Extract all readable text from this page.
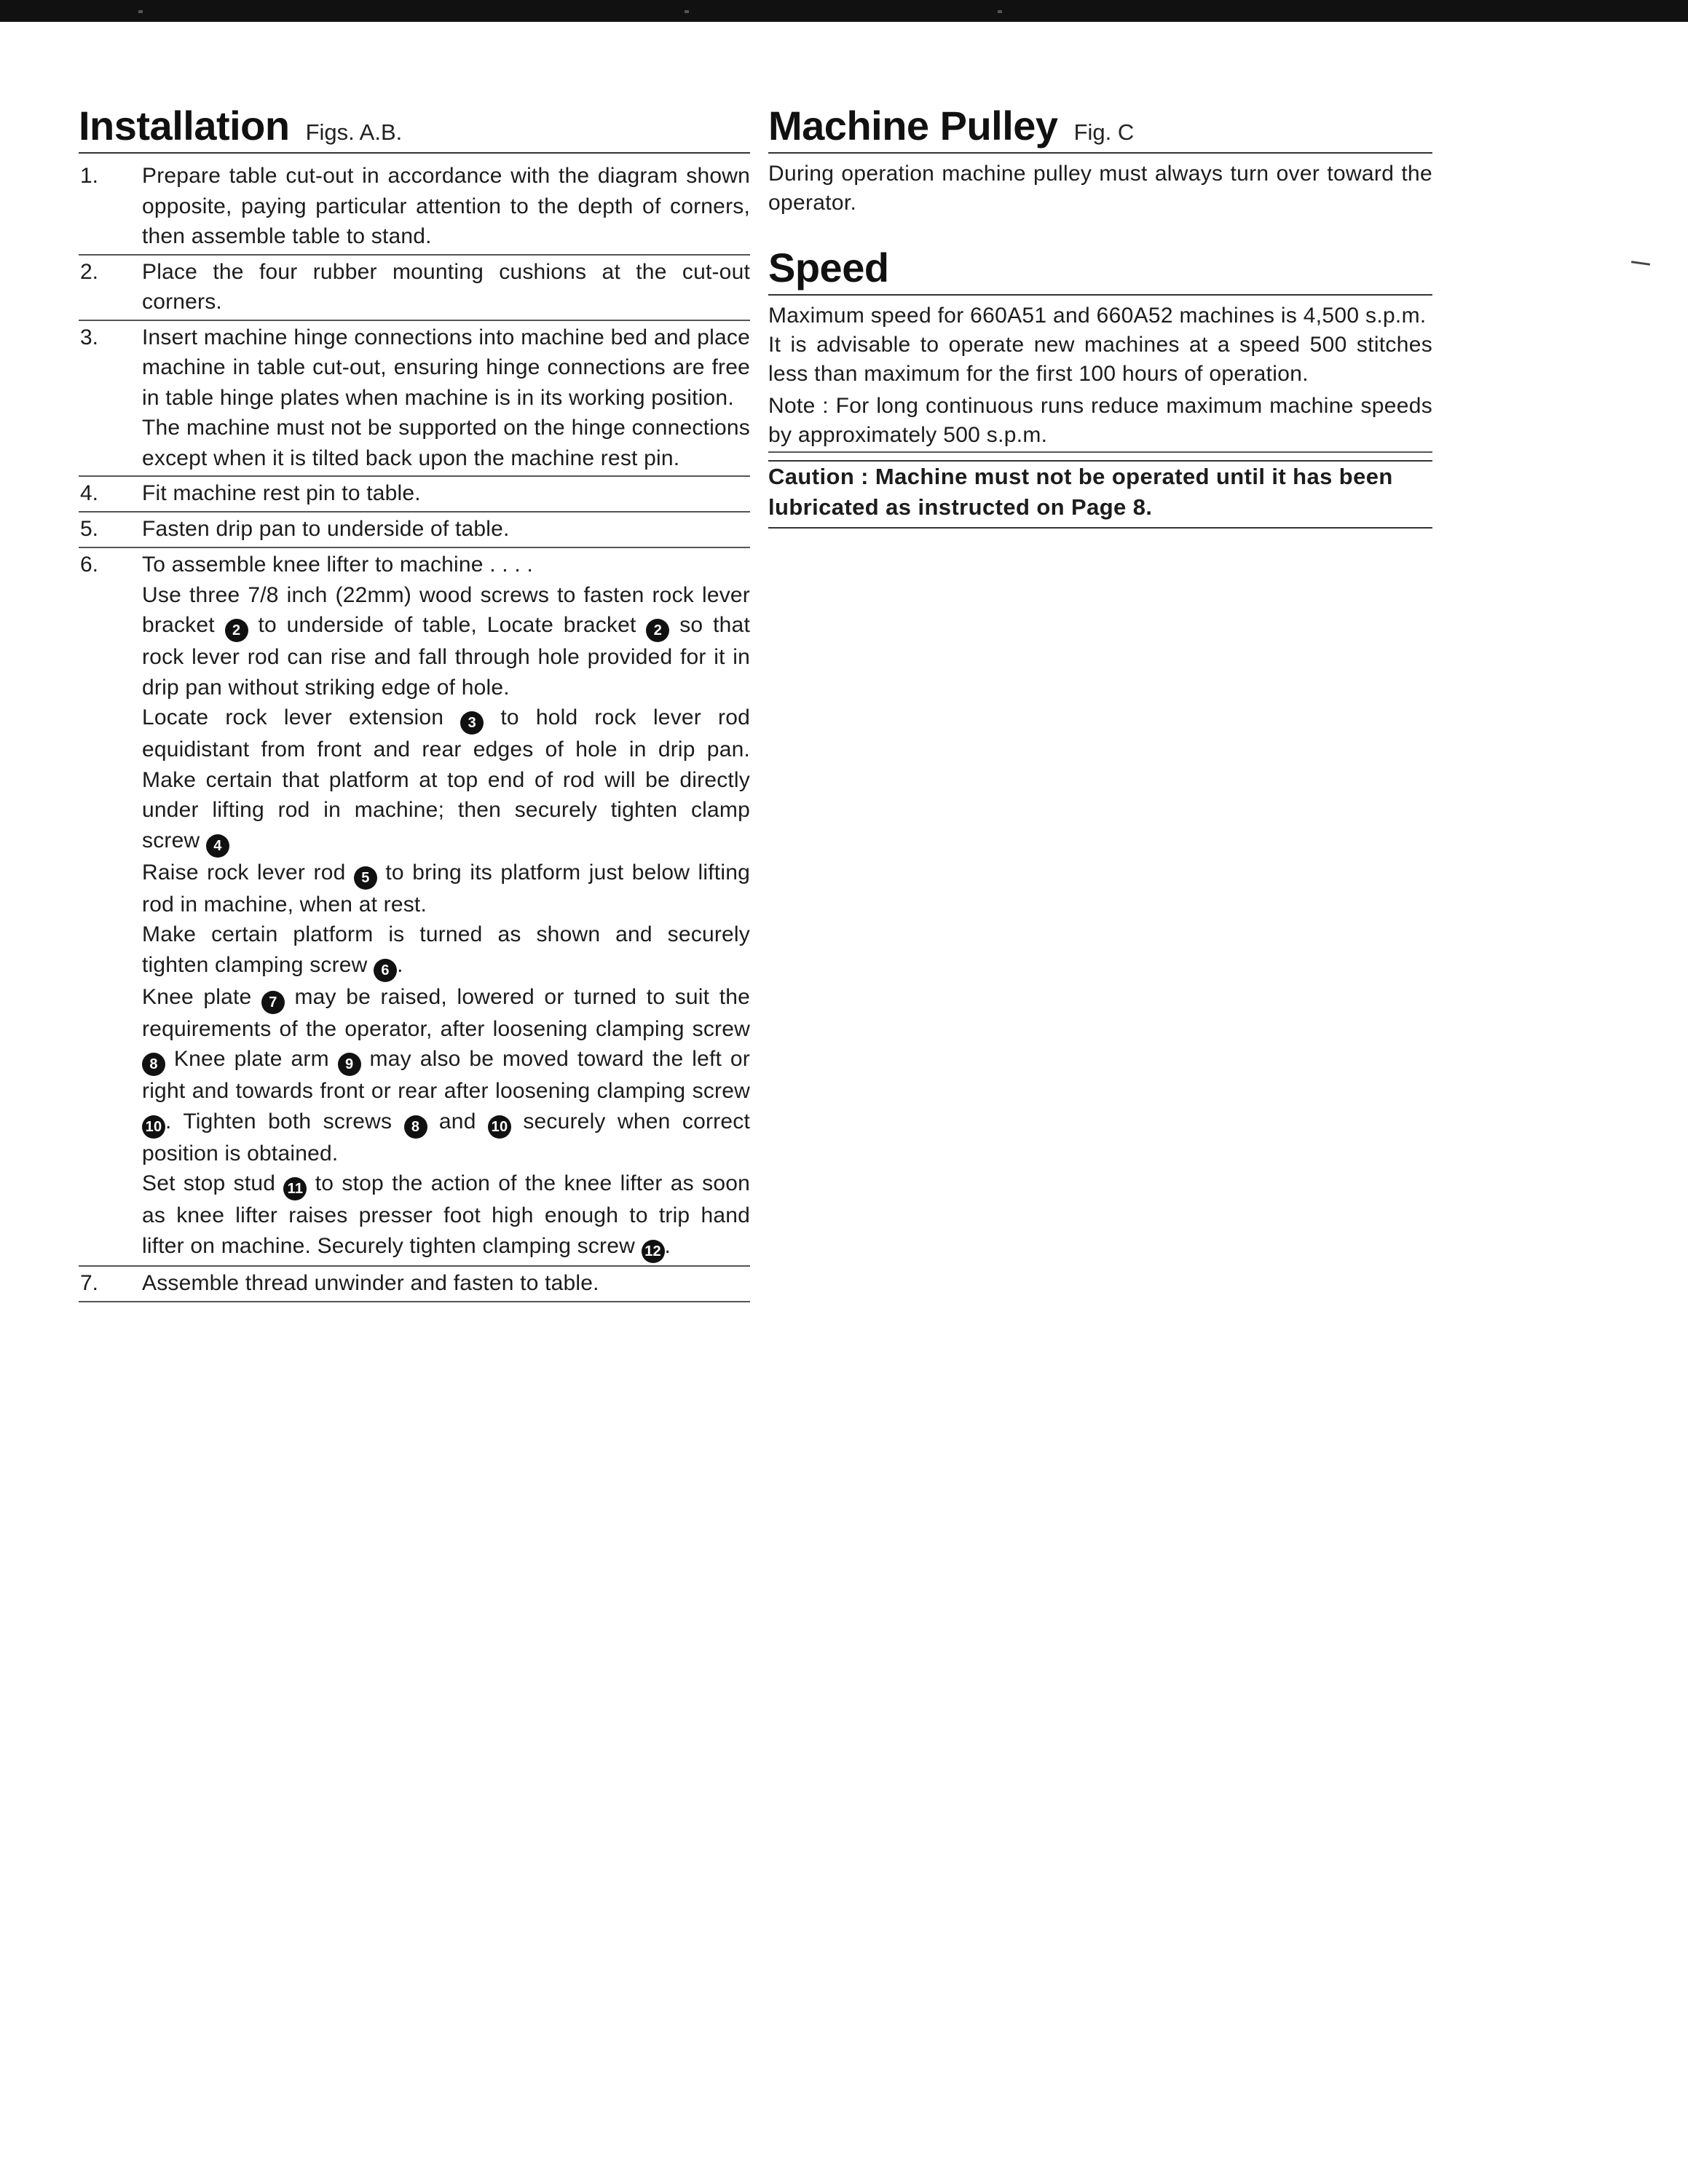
Installation Figs. A.B.
1.	Prepare table cut-out in accordance with the diagram shown opposite, paying particular attention to the depth of corners, then assemble table to stand.

2.	Place the four rubber mounting cushions at the cut-out corners.

3.	Insert machine hinge connections into machine bed and place machine in table cut-out, ensuring hinge connections are free in table hinge plates when machine is in its working position.

The machine must not be supported on the hinge connections except when it is tilted back upon the machine rest pin.

4.	Fit machine rest pin to table.

5.	Fasten drip pan to underside of table.

6.	To assemble knee lifter to machine . . . .

Use three 7/8 inch (22mm) wood screws to fasten rock lever bracket 2 to underside of table, Locate bracket 2 so that rock lever rod can rise and fall through hole provided for it in drip pan without striking edge of hole.

Locate rock lever extension 3 to hold rock lever rod equidistant from front and rear edges of hole in drip pan. Make certain that platform at top end of rod will be directly under lifting rod in machine; then securely tighten clamp screw 4

Raise rock lever rod 5 to bring its platform just below lifting rod in machine, when at rest.

Make certain platform is turned as shown and securely tighten clamping screw 6 .

Knee plate 7 may be raised, lowered or turned to suit the requirements of the operator, after loosening clamping screw 8 Knee plate arm 9 may also be moved toward the left or right and towards front or rear after loosening clamping screw 10 . Tighten both screws 8 and 10 securely when correct position is obtained.

Set stop stud 11 to stop the action of the knee lifter as soon as knee lifter raises presser foot high enough to trip hand lifter on machine. Securely tighten clamping screw 12 .

7.	Assemble thread unwinder and fasten to table.

Machine Pulley Fig. C

During operation machine pulley must always turn over toward the operator.

Speed

Maximum speed for 660A51 and 660A52 machines is 4,500 s.p.m.

It is advisable to operate new machines at a speed 500 stitches less than maximum for the first 100 hours of operation.

Note : For long continuous runs reduce maximum machine speeds by approximately 500 s.p.m.

Caution : Machine must not be operated until it has been lubricated as instructed on Page 8.
